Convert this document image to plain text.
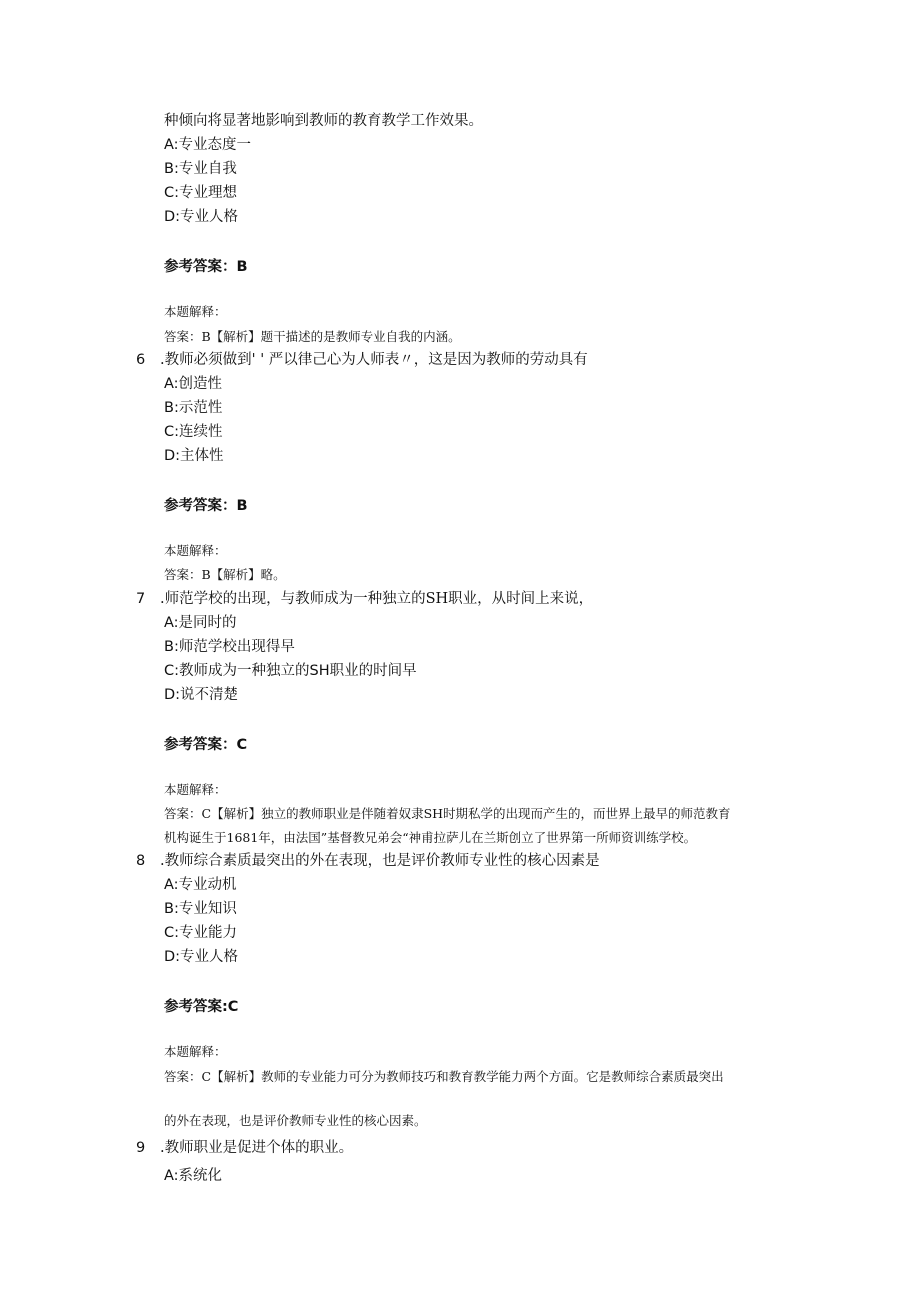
种倾向将显著地影响到教师的教育教学工作效果。
A:专业态度一
B:专业自我
C:专业理想
D:专业人格
参考答案：B
本题解释：
答案：B【解析】题干描述的是教师专业自我的内涵。
6 .教师必须做到' ' 严以律己心为人师表〃，这是因为教师的劳动具有
A:创造性
B:示范性
C:连续性
D:主体性
参考答案：B
本题解释：
答案：B【解析】略。
7 .师范学校的出现，与教师成为一种独立的SH职业，从时间上来说，
A:是同时的
B:师范学校出现得早
C:教师成为一种独立的SH职业的时间早
D:说不清楚
参考答案：C
本题解释：
答案：C【解析】独立的教师职业是伴随着奴隶SH时期私学的出现而产生的，而世界上最早的师范教育
机构诞生于1681年，由法国”基督教兄弟会“神甫拉萨儿在兰斯创立了世界第一所师资训练学校。
8 .教师综合素质最突出的外在表现，也是评价教师专业性的核心因素是
A:专业动机
B:专业知识
C:专业能力
D:专业人格
参考答案:C
本题解释：
答案：C【解析】教师的专业能力可分为教师技巧和教育教学能力两个方面。它是教师综合素质最突出
的外在表现，也是评价教师专业性的核心因素。
9 .教师职业是促进个体的职业。
A:系统化
